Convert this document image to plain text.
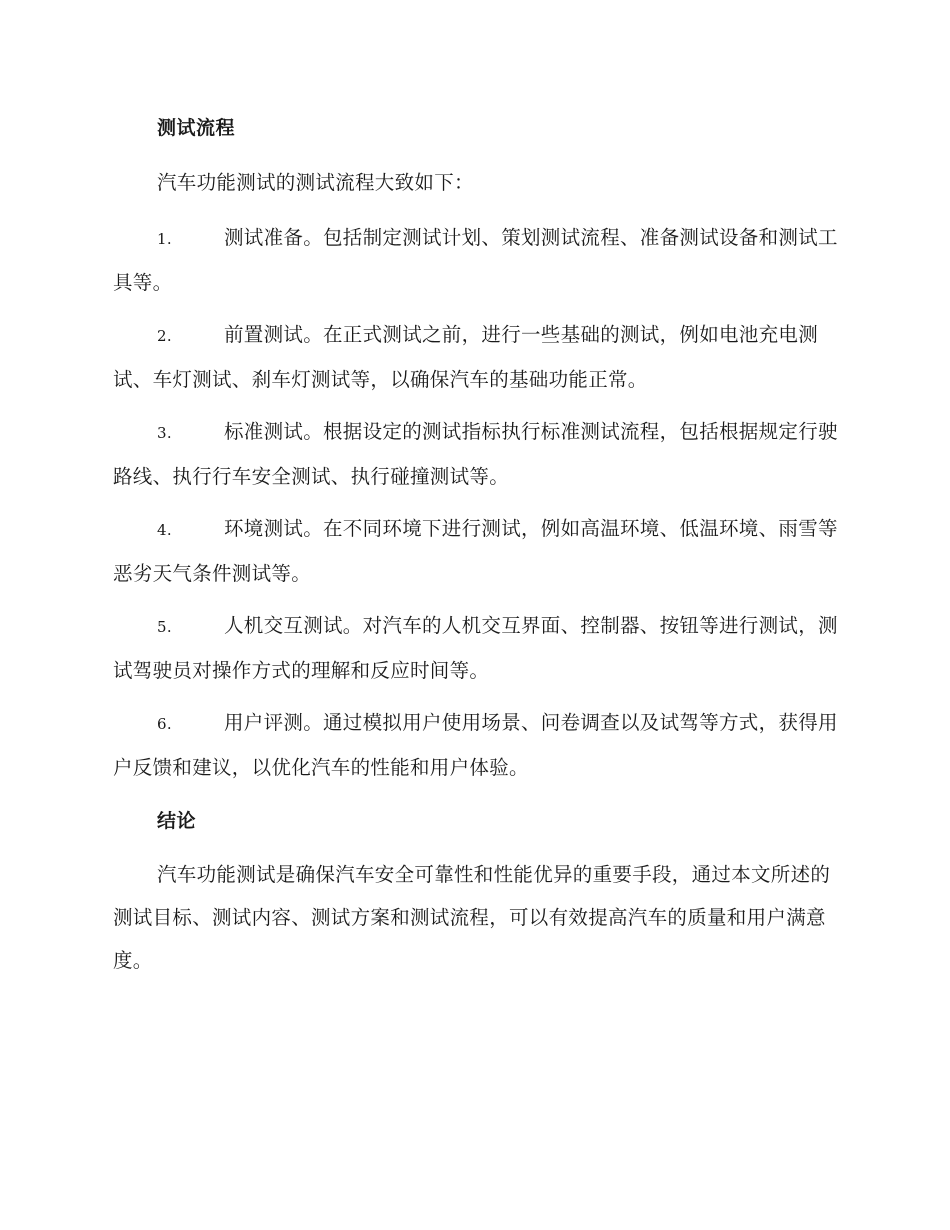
测试流程
汽车功能测试的测试流程大致如下：
1.	测试准备。包括制定测试计划、策划测试流程、准备测试设备和测试工具等。
2.	前置测试。在正式测试之前，进行一些基础的测试，例如电池充电测试、车灯测试、刹车灯测试等，以确保汽车的基础功能正常。
3.	标准测试。根据设定的测试指标执行标准测试流程，包括根据规定行驶路线、执行行车安全测试、执行碰撞测试等。
4.	环境测试。在不同环境下进行测试，例如高温环境、低温环境、雨雪等恶劣天气条件测试等。
5.	人机交互测试。对汽车的人机交互界面、控制器、按钮等进行测试，测试驾驶员对操作方式的理解和反应时间等。
6.	用户评测。通过模拟用户使用场景、问卷调查以及试驾等方式，获得用户反馈和建议，以优化汽车的性能和用户体验。
结论
汽车功能测试是确保汽车安全可靠性和性能优异的重要手段，通过本文所述的测试目标、测试内容、测试方案和测试流程，可以有效提高汽车的质量和用户满意度。
